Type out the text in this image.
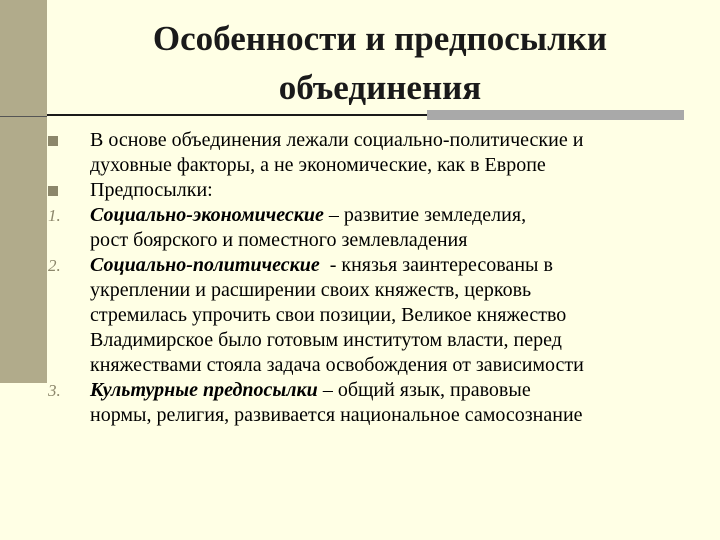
Особенности и предпосылки
объединения
В основе объединения лежали социально-политические и
духовные факторы, а не экономические, как в Европе
Предпосылки:
1.	Социально-экономические – развитие земледелия,
рост боярского и поместного землевладения
2.	Социально-политические  - князья заинтересованы в
укреплении и расширении своих княжеств, церковь
стремилась упрочить свои позиции, Великое княжество
Владимирское было готовым институтом власти, перед
княжествами стояла задача освобождения от зависимости
3.	Культурные предпосылки – общий язык, правовые
нормы, религия, развивается национальное самосознание
